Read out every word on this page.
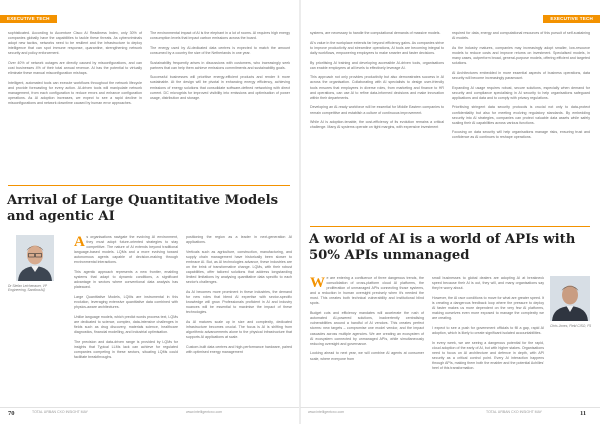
EXECUTIVE TECH

sophisticated. According to Accenture Cisco AI Readiness Index, only 30% of companies globally have the capabilities to tackle these threats. As cybercriminals adopt new tactics, networks need to be resilient and the infrastructure to deploy intelligence that can spot immune response, quarantine, strengthening network security and policy enforcement.

Over 40% of network outages are directly caused by misconfigurations, and can cost businesses 4% of their total annual revenue. AI has the potential to virtually eliminate these manual misconfiguration mishaps.

Intelligent, automated tools can execute workflows throughout the network lifecycle and provide forecasting for every action. AI-driven tools will manipulate network management, from each configuration to reduce errors and enhance configuration operations. As AI adoption increases, we expect to see a rapid decline in misconfigurations and network downtime caused by human error approaches.

The environmental impact of AI is the elephant in a lot of rooms. AI requires high energy consumption levels that impact carbon emissions across the board.

The energy used by AI-dedicated data centres is expected to match the amount consumed by a country the size of the Netherlands in one year.

Sustainability frequently arises in discussions with customers, who increasingly seek partners that can help them achieve emissions commitments and sustainability goals.

Successful businesses will prioritise energy-efficient products and render it more sustainable. At the design will be pivotal in enhancing energy efficiency, achieving emissions of energy solutions that consolidate software-defined networking with direct current. DC microgrids for improved visibility into emissions and optimisation of power usage, distribution and storage.

Arrival of Large Quantitative Models and agentic AI
Dr Stefan Leichenauer, VP Engineering, SandboxAQ

As organisations navigate the evolving AI environment, they must adopt future-oriented strategies to stay competitive. The nature of AI extends beyond traditional language-based models. LQMs and a more evolving toward autonomous agents capable of decision-making through environmental interactions.

This agentic approach represents a new frontier, enabling systems that adapt to dynamic conditions, a significant advantage in sectors where conventional data analysis has plateaued.

Large Quantitative Models, LQMs are instrumental in this evolution, leveraging extensive quantitative data combined with physics-aware architectures.

Unlike language models, which predict words process text, LQMs are dedicated to science, complex, data-intensive challenges in fields such as drug discovery, materials science, healthcare diagnostics, financial modelling, and industrial optimisation.

The precision and data-driven range is provided by LQMs for insights that Typical LLMs lack can achieve for regulated companies competing in these sectors, situating LQMs could facilitate breakthroughs.

positioning the region as a leader in next-generation AI applications.

Verticals such as agriculture, construction, manufacturing, and supply chain management have historically been slower to embrace AI. But, as AI technologies advance, these industries are on the brink of transformative change. LQMs, with their robust capabilities, offer tailored solutions that address longstanding limited limitations by analysing quantitative data specific to each sector's challenges.

As AI becomes more prominent in these industries, the demand for new roles that blend AI expertise with sector-specific knowledge will grow. Professionals proficient in AI and industry nuances will be essential to maximise the impact of these technologies.

As AI matures scale up in size and complexity, dedicated infrastructure becomes crucial. The focus is AI is shifting from algorithmic advancements alone to the physical infrastructure that supports AI applications at scale.

Custom-built data centres and high-performance hardware, paired with optimised energy management

70	TOTAL URBAN CXO INSIGHT MAY	www.intelligentcxo.com
EXECUTIVE TECH

systems, are necessary to handle the computational demands of massive models.

AI's value in the workplace extends far beyond efficiency gains. As companies strive to improve productivity and streamline operations, AI tools are becoming integral to daily workflows, empowering employees to make smarter and faster decisions.

By prioritising AI training and developing accessible AI-driven tools, organisations can enable employees at all levels to effectively leverage AI.

This approach not only provides productivity but also demonstrates success in AI across the organisation. Collaborating with AI specialists to design user-friendly tools ensures that employees in diverse roles, from marketing and finance to HR and operations, can use AI to refine data-informed decisions and make innovation within their departments.

Developing an AI-ready workforce will be essential for Middle Eastern companies to remain competitive and establish a culture of continuous improvement.

While AI is adoption-tenable, the cost-efficiency of its evolution remains a critical challenge. Many AI systems operate on tight margins, with expensive investment

required for data, energy and computational resources of this pursuit of self-sustaining AI models.

As the industry matures, companies may increasingly adopt smaller, low-resource models to reduce costs and improve returns on investment. Specialised models, in many cases, outperform broad, general-purpose models, offering efficient and targeted solutions.

AI Architectures embedded in more essential aspects of business operations, data security will become increasingly paramount.

Expanding AI usage requires robust, secure solutions, especially when demand for security and compliance specialising in AI security to help organisations safeguard applications and data and to comply with privacy regulations.

Prioritising stringent data security protocols is crucial not only to data-protect confidentiality but also for meeting evolving regulatory standards. By embedding security into AI strategies, companies can protect valuable data assets while safely scaling their AI capabilities across various functions.

Focusing on data security will help organisations manage risks, ensuring trust and confidence as AI continues to reshape operations.

A world of AI is a world of APIs with 50% APIs unmanaged

We are entering a confluence of three dangerous trends, the consolidation of cross-platform cloud AI platforms, the proliferation of unmanaged APIs connecting those systems, and a reduction in human oversight precisely when it's needed the most. This creates both technical vulnerability and institutional blind spots.

Budget cuts and efficiency mandates will accelerate the rush of automated AI-powered solutions, inadvertently centralising vulnerabilities around a handful of AI vendors. This creates perfect storms: new targets – compromise one model vendor, and the impact cascades across multiple agencies. We are creating an ecosystem of AI ecosystem connected by unmanaged APIs, while simultaneously reducing oversight and governance.

Looking ahead to next year, we will combine AI agents at consumer scale, where everyone from

small businesses to global dealers are adopting AI at breakneck speed because their AI is out, they will, and many organisations say they're worry about.

However, the AI race conditions to move for what are greater speed. It is creating a dangerous feedback loop where the pressure to deploy AI faster makes us more dependent on the very few AI platforms, making ourselves even more exposed to manage the complexity we are creating.

I expect to see a push for government officials to fill a gap, rapid AI adoption, which is likely to create significant isolated accountabilities.

In every week, we are seeing a dangerous potential for the rapid, cloud adoption of the early of AI, but with higher stakes. Organisations need to focus on AI architecture and defence in depth, with API security as a critical control point. Every AI interaction happens through APIs, making them both the enabler and the potential Achilles' heel of this transformation.

Chris Jones, Field CISO, F5
TOTAL URBAN CXO INSIGHT MAY
www.intelligentcxo.com	11
